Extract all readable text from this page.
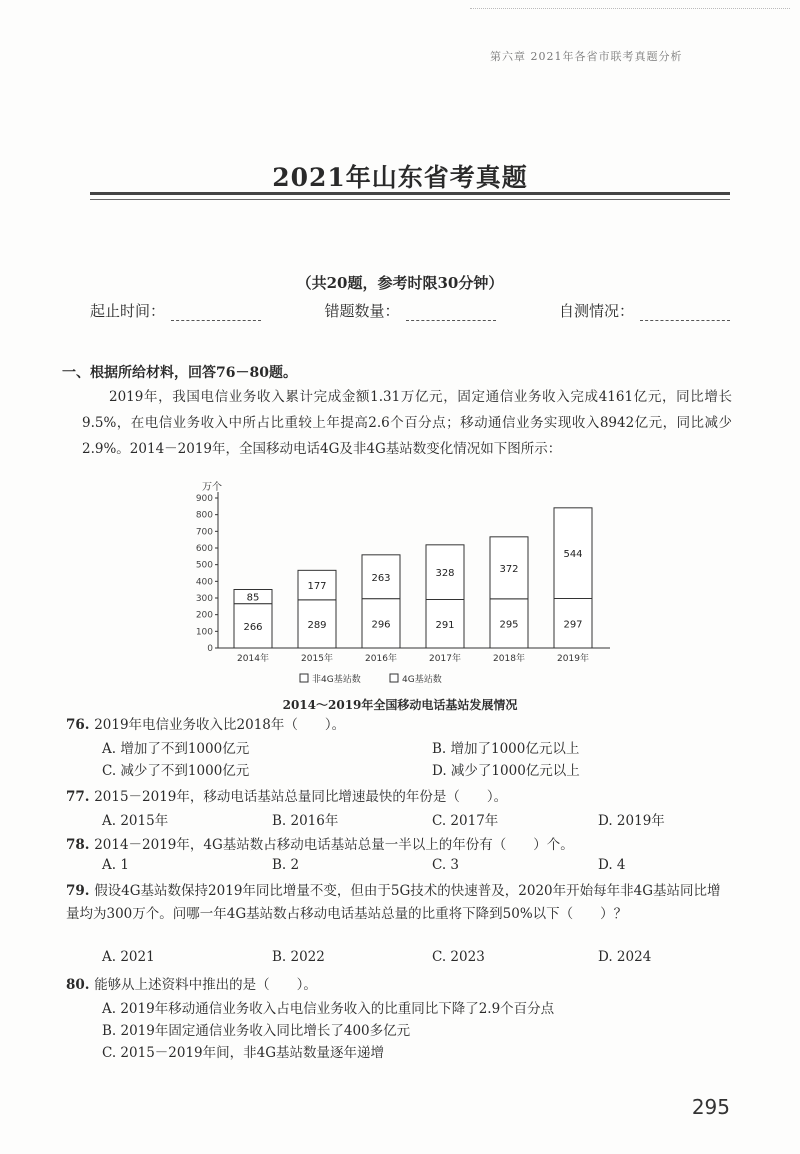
第六章 2021年各省市联考真题分析
2021年山东省考真题
（共20题，参考时限30分钟）
起止时间：	错题数量：	自测情况：
一、根据所给材料，回答76－80题。
2019年，我国电信业务收入累计完成金额1.31万亿元，固定通信业务收入完成4161亿元，同比增长9.5%，在电信业务收入中所占比重较上年提高2.6个百分点；移动通信业务实现收入8942亿元，同比减少2.9%。2014－2019年，全国移动电话4G及非4G基站数变化情况如下图所示：
万个
0
100
200
300
400
500
600
700
800
900
266
85
2014年
289
177
2015年
296
263
2016年
291
328
2017年
295
372
2018年
297
544
2019年
非4G基站数	4G基站数
2014～2019年全国移动电话基站发展情况
76. 2019年电信业务收入比2018年（　　）。
A. 增加了不到1000亿元	B. 增加了1000亿元以上
C. 减少了不到1000亿元	D. 减少了1000亿元以上
77. 2015－2019年，移动电话基站总量同比增速最快的年份是（　　）。
A. 2015年	B. 2016年	C. 2017年	D. 2019年
78. 2014－2019年，4G基站数占移动电话基站总量一半以上的年份有（　　）个。
A. 1	B. 2	C. 3	D. 4
79. 假设4G基站数保持2019年同比增量不变，但由于5G技术的快速普及，2020年开始每年非4G基站同比增量均为300万个。问哪一年4G基站数占移动电话基站总量的比重将下降到50%以下（　　）？
A. 2021	B. 2022	C. 2023	D. 2024
80. 能够从上述资料中推出的是（　　）。
A. 2019年移动通信业务收入占电信业务收入的比重同比下降了2.9个百分点
B. 2019年固定通信业务收入同比增长了400多亿元
C. 2015－2019年间，非4G基站数量逐年递增
295
